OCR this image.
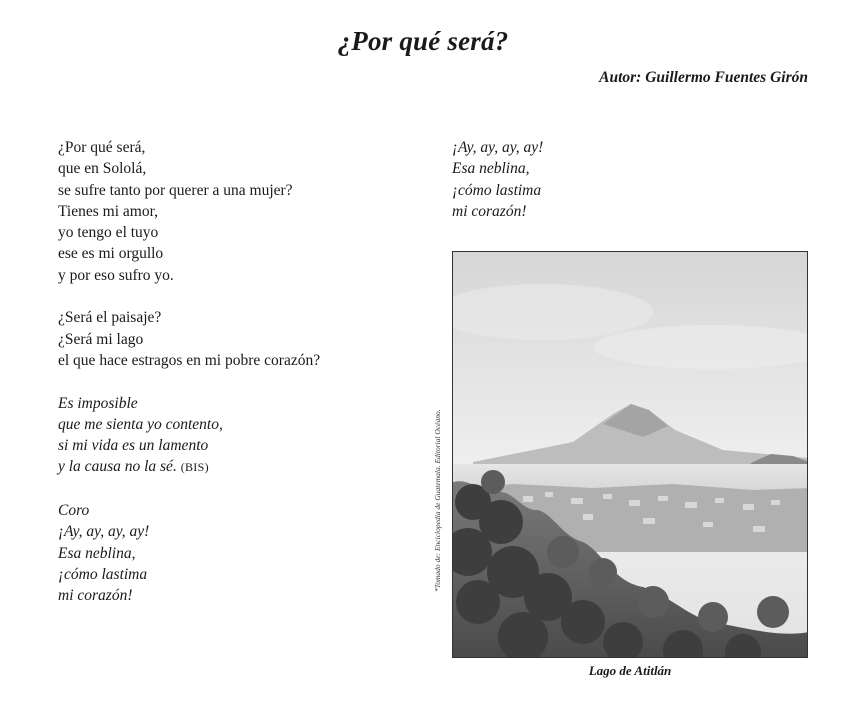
¿Por qué será?

Autor: Guillermo Fuentes Girón

¿Por qué será,
que en Sololá,
se sufre tanto por querer a una mujer?
Tienes mi amor,
yo tengo el tuyo
ese es mi orgullo
y por eso sufro yo.
¿Será el paisaje?
¿Será mi lago
el que hace estragos en mi pobre corazón?
Es imposible
que me sienta yo contento,
si mi vida es un lamento
y la causa no la sé. (BIS)
Coro
¡Ay, ay, ay, ay!
Esa neblina,
¡cómo lastima
mi corazón!
¡Ay, ay, ay, ay!
Esa neblina,
¡cómo lastima
mi corazón!
*Tomado de: Enciclopedia de Guatemala. Editorial Océano.
Lago de Atitlán
